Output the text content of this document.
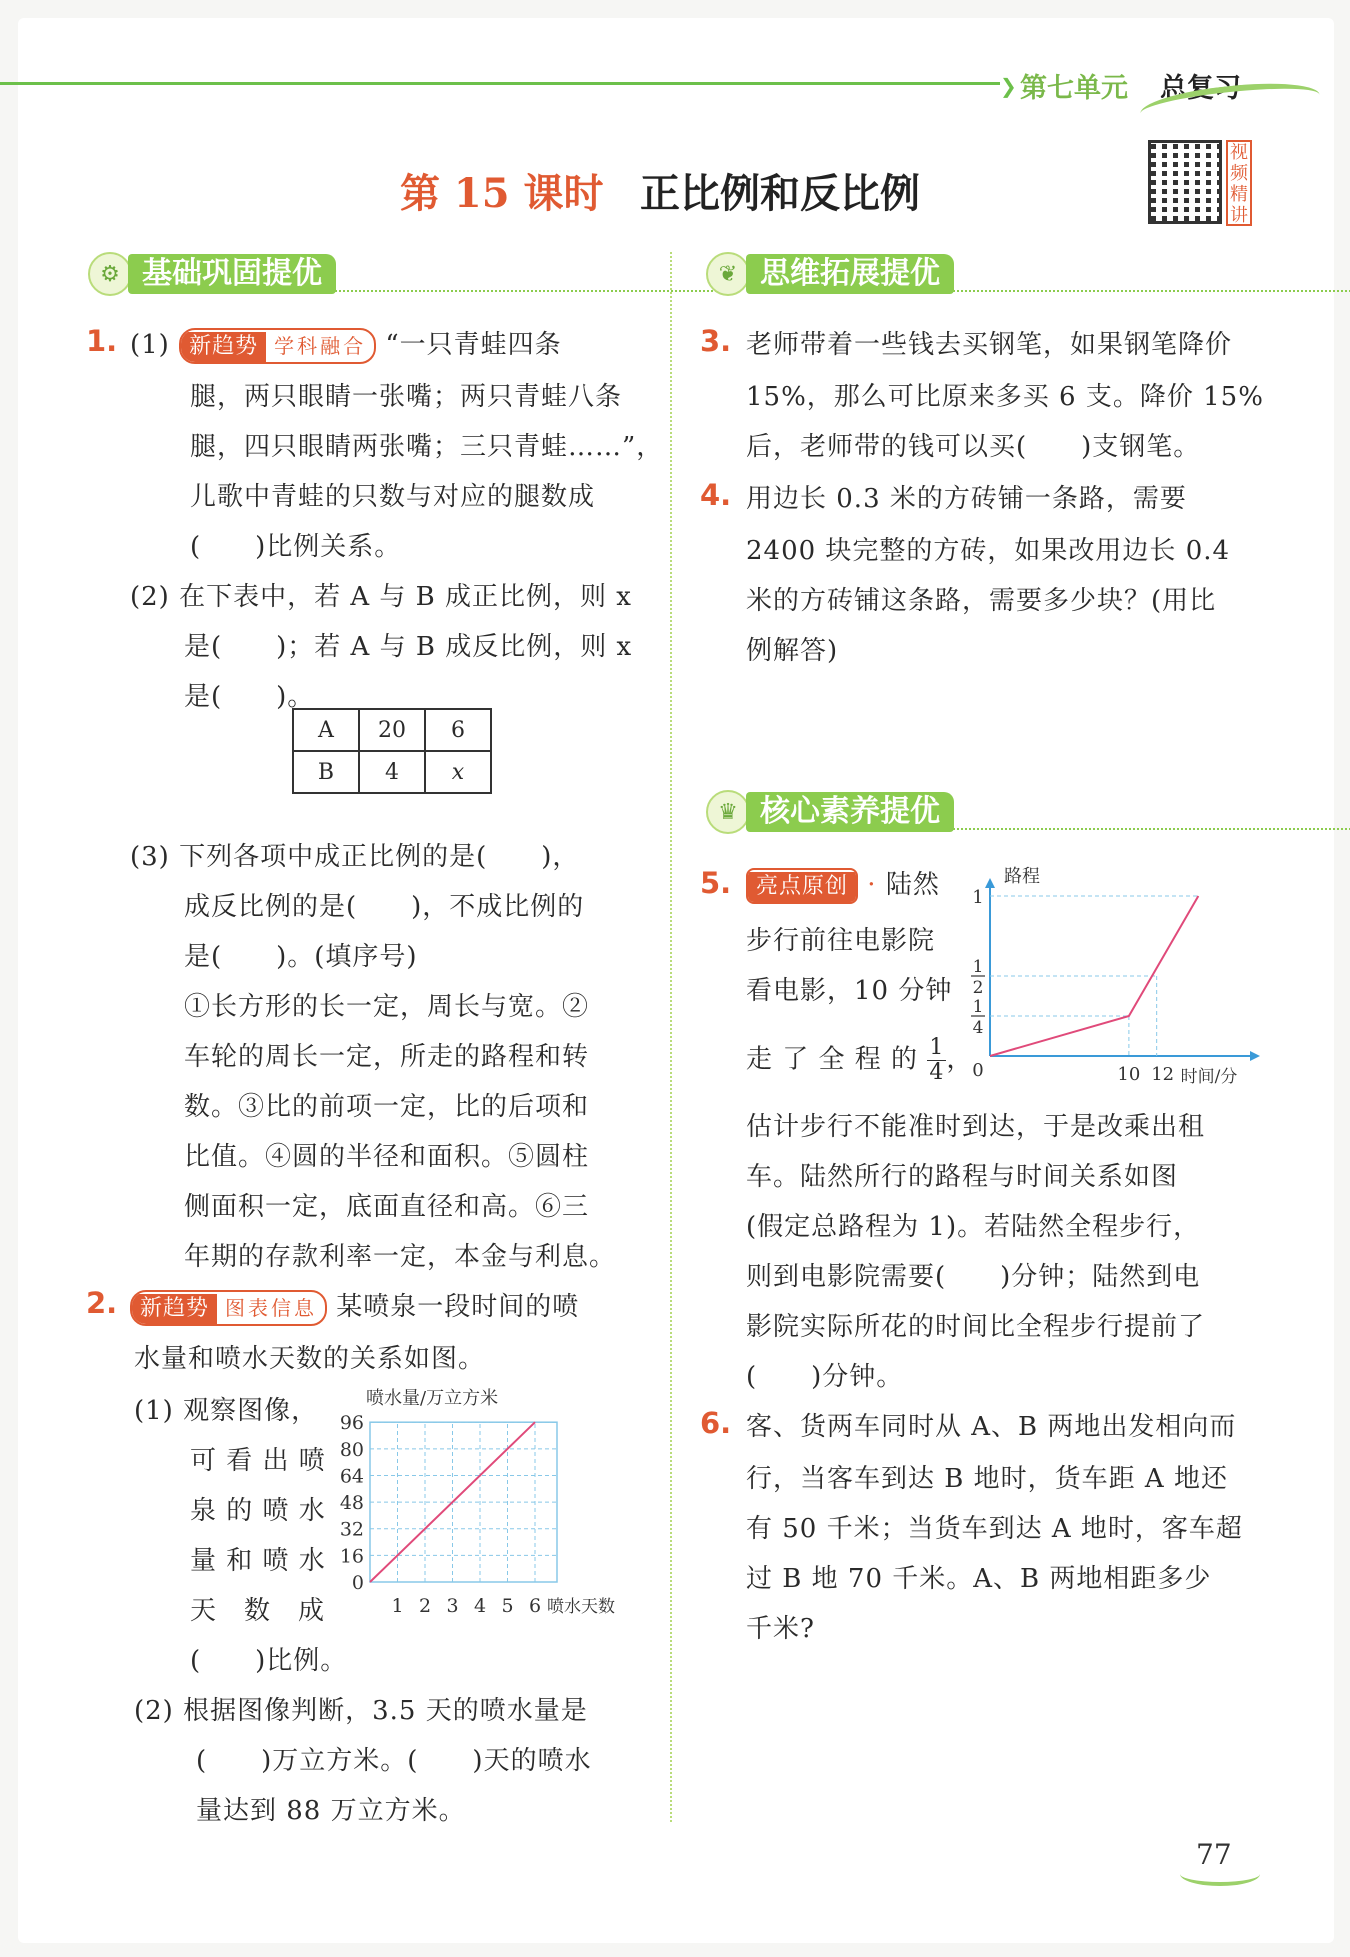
❯ 第七单元 总复习
第 15 课时 正比例和反比例
视频精讲
⚙ 基础巩固提优	❦ 思维拓展提优
♛ 核心素养提优
1. (1) 新趋势 学科融合 “一只青蛙四条
腿，两只眼睛一张嘴；两只青蛙八条
腿，四只眼睛两张嘴；三只青蛙……”，
儿歌中青蛙的只数与对应的腿数成
(　　)比例关系。
(2) 在下表中，若 A 与 B 成正比例，则 x
是(　　)；若 A 与 B 成反比例，则 x
是(　　)。
A	20	6
B	4	x
(3) 下列各项中成正比例的是(　　)，
成反比例的是(　　)，不成比例的
是(　　)。(填序号)
①长方形的长一定，周长与宽。②
车轮的周长一定，所走的路程和转
数。③比的前项一定，比的后项和
比值。④圆的半径和面积。⑤圆柱
侧面积一定，底面直径和高。⑥三
年期的存款利率一定，本金与利息。
2.	新趋势 图表信息 某喷泉一段时间的喷
水量和喷水天数的关系如图。
(1) 观察图像，
可 看 出 喷
泉 的 喷 水
量 和 喷 水
天　数　成
(　　)比例。
(2) 根据图像判断，3.5 天的喷水量是
(　　)万立方米。(　　)天的喷水
量达到 88 万立方米。
喷水量/万立方米
0
16
32
48
64
80
96
1 2 3 4 5 6 喷水天数
3. 老师带着一些钱去买钢笔，如果钢笔降价
15%，那么可比原来多买 6 支。降价 15%
后，老师带的钱可以买(　　)支钢笔。
4. 用边长 0.3 米的方砖铺一条路，需要
2400 块完整的方砖，如果改用边长 0.4
米的方砖铺这条路，需要多少块？(用比
例解答)
5.	亮点原创 · 陆然
步行前往电影院
看电影，10 分钟
走 了 全 程 的 $\frac{1}{4}$ ，
估计步行不能准时到达，于是改乘出租
车。陆然所行的路程与时间关系如图
(假定总路程为 1)。若陆然全程步行，
则到电影院需要(　　)分钟；陆然到电
影院实际所花的时间比全程步行提前了
(　　)分钟。
路程
1
1
2
1
4
0	10 12 时间/分
6. 客、货两车同时从 A、B 两地出发相向而
行，当客车到达 B 地时，货车距 A 地还
有 50 千米；当货车到达 A 地时，客车超
过 B 地 70 千米。A、B 两地相距多少
千米?
77
